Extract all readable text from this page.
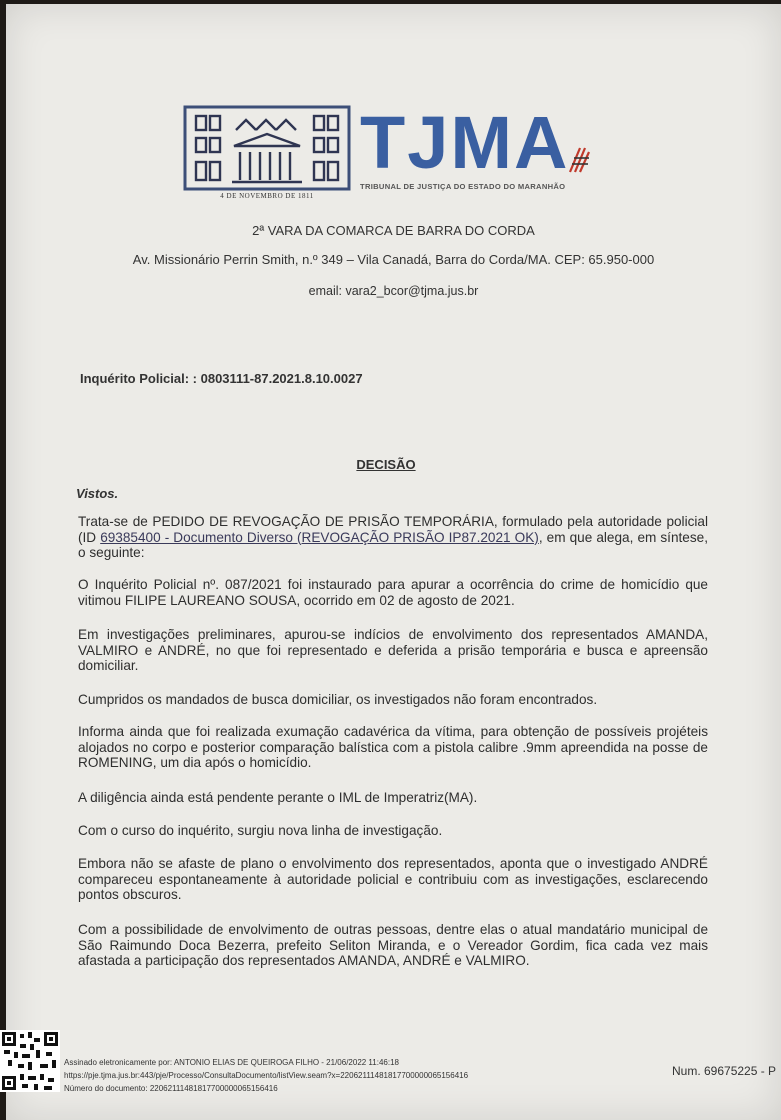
4 DE NOVEMBRO DE 1811
TJMA
TRIBUNAL DE JUSTIÇA DO ESTADO DO MARANHÃO
2ª VARA DA COMARCA DE BARRA DO CORDA
Av. Missionário Perrin Smith, n.º 349 – Vila Canadá, Barra do Corda/MA. CEP: 65.950-000
email: vara2_bcor@tjma.jus.br
Inquérito Policial: : 0803111-87.2021.8.10.0027
DECISÃO
Vistos.
Trata-se de PEDIDO DE REVOGAÇÃO DE PRISÃO TEMPORÁRIA, formulado pela autoridade policial (ID 69385400 - Documento Diverso (REVOGAÇÃO PRISÃO IP87.2021 OK), em que alega, em síntese, o seguinte:
O Inquérito Policial nº. 087/2021 foi instaurado para apurar a ocorrência do crime de homicídio que vitimou FILIPE LAUREANO SOUSA, ocorrido em 02 de agosto de 2021.
Em investigações preliminares, apurou-se indícios de envolvimento dos representados AMANDA, VALMIRO e ANDRÉ, no que foi representado e deferida a prisão temporária e busca e apreensão domiciliar.
Cumpridos os mandados de busca domiciliar, os investigados não foram encontrados.
Informa ainda que foi realizada exumação cadavérica da vítima, para obtenção de possíveis projéteis alojados no corpo e posterior comparação balística com a pistola calibre .9mm apreendida na posse de ROMENING, um dia após o homicídio.
A diligência ainda está pendente perante o IML de Imperatriz(MA).
Com o curso do inquérito, surgiu nova linha de investigação.
Embora não se afaste de plano o envolvimento dos representados, aponta que o investigado ANDRÉ compareceu espontaneamente à autoridade policial e contribuiu com as investigações, esclarecendo pontos obscuros.
Com a possibilidade de envolvimento de outras pessoas, dentre elas o atual mandatário municipal de São Raimundo Doca Bezerra, prefeito Seliton Miranda, e o Vereador Gordim, fica cada vez mais afastada a participação dos representados AMANDA, ANDRÉ e VALMIRO.
Assinado eletronicamente por: ANTONIO ELIAS DE QUEIROGA FILHO - 21/06/2022 11:46:18
https://pje.tjma.jus.br:443/pje/Processo/ConsultaDocumento/listView.seam?x=22062111481817700000065156416
Número do documento: 22062111481817700000065156416
Num. 69675225 - P
